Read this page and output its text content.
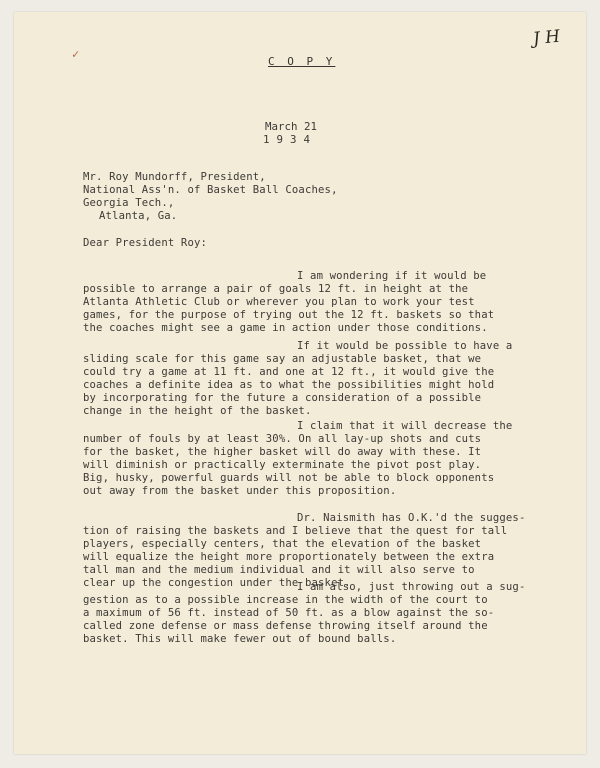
✓
J H
C O P Y
March 21
1934
Mr. Roy Mundorff, President,
National Ass'n. of Basket Ball Coaches,
Georgia Tech.,
Atlanta, Ga.
Dear President Roy:
I am wondering if it would be
possible to arrange a pair of goals 12 ft. in height at the
Atlanta Athletic Club or wherever you plan to work your test
games, for the purpose of trying out the 12 ft. baskets so that
the coaches might see a game in action under those conditions.
If it would be possible to have a
sliding scale for this game say an adjustable basket, that we
could try a game at 11 ft. and one at 12 ft., it would give the
coaches a definite idea as to what the possibilities might hold
by incorporating for the future a consideration of a possible
change in the height of the basket.
I claim that it will decrease the
number of fouls by at least 30%. On all lay-up shots and cuts
for the basket, the higher basket will do away with these. It
will diminish or practically exterminate the pivot post play.
Big, husky, powerful guards will not be able to block opponents
out away from the basket under this proposition.
Dr. Naismith has O.K.'d the sugges-
tion of raising the baskets and I believe that the quest for tall
players, especially centers, that the elevation of the basket
will equalize the height more proportionately between the extra
tall man and the medium individual and it will also serve to
clear up the congestion under the basket.
I am also, just throwing out a sug-
gestion as to a possible increase in the width of the court to
a maximum of 56 ft. instead of 50 ft. as a blow against the so-
called zone defense or mass defense throwing itself around the
basket. This will make fewer out of bound balls.
